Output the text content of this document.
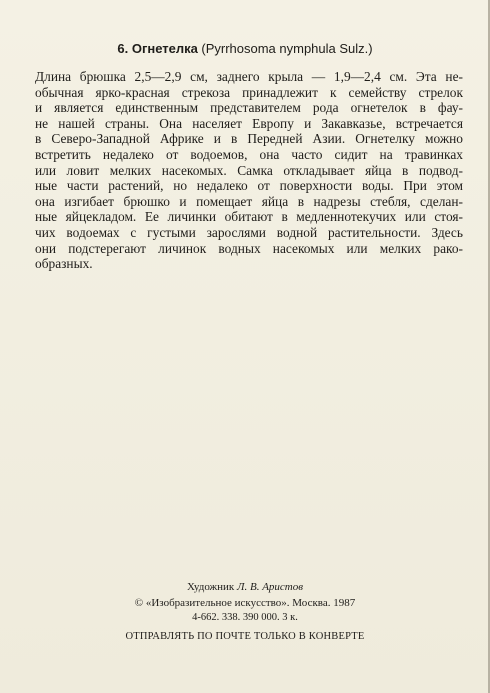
6. Огнетелка (Pyrrhosoma nymphula Sulz.)
Длина брюшка 2,5—2,9 см, заднего крыла — 1,9—2,4 см. Эта не-
обычная ярко-красная стрекоза принадлежит к семейству стрелок
и является единственным представителем рода огнетелок в фау-
не нашей страны. Она населяет Европу и Закавказье, встречается
в Северо-Западной Африке и в Передней Азии. Огнетелку можно
встретить недалеко от водоемов, она часто сидит на травинках
или ловит мелких насекомых. Самка откладывает яйца в подвод-
ные части растений, но недалеко от поверхности воды. При этом
она изгибает брюшко и помещает яйца в надрезы стебля, сделан-
ные яйцекладом. Ее личинки обитают в медленнотекучих или стоя-
чих водоемах с густыми зарослями водной растительности. Здесь
они подстерегают личинок водных насекомых или мелких рако-
образных.
Художник Л. В. Аристов
© «Изобразительное искусство». Москва. 1987
4-662. 338. 390 000. 3 к.
ОТПРАВЛЯТЬ ПО ПОЧТЕ ТОЛЬКО В КОНВЕРТЕ
